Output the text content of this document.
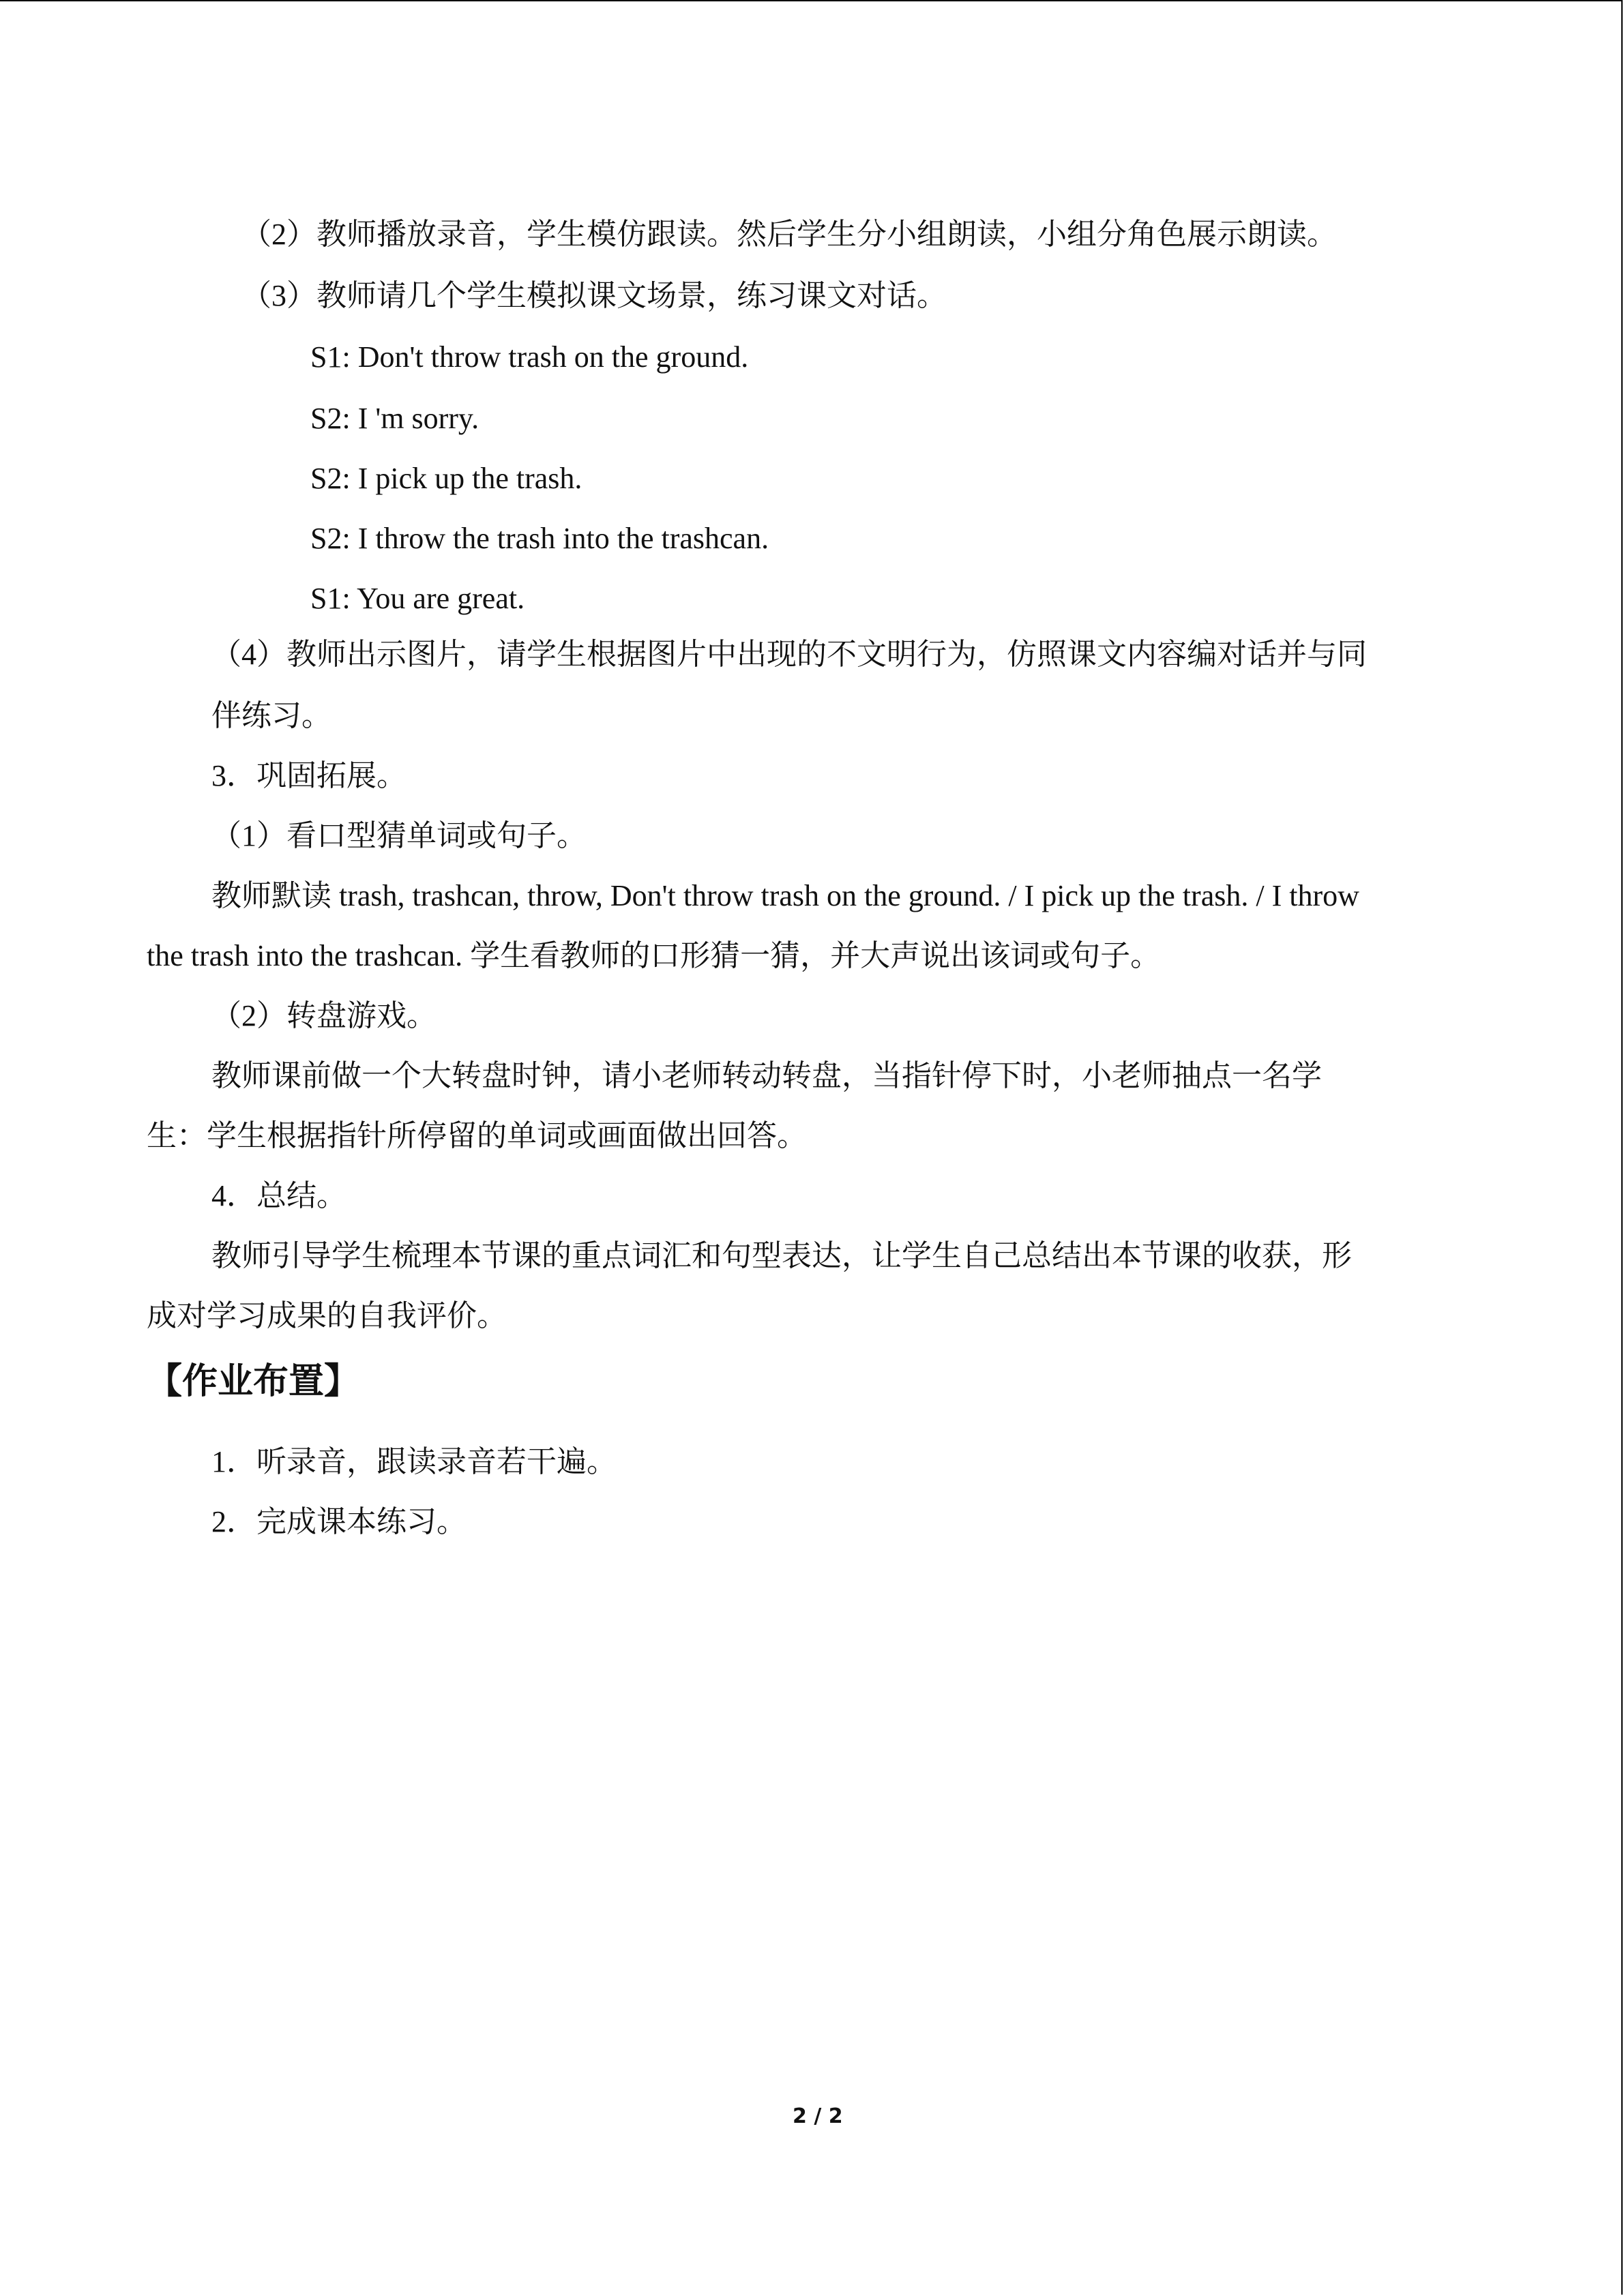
（2）教师播放录音，学生模仿跟读。然后学生分小组朗读，小组分角色展示朗读。
（3）教师请几个学生模拟课文场景，练习课文对话。
S1: Don't throw trash on the ground.
S2: I 'm sorry.
S2: I pick up the trash.
S2: I throw the trash into the trashcan.
S1: You are great.
（4）教师出示图片，请学生根据图片中出现的不文明行为，仿照课文内容编对话并与同
伴练习。
3．巩固拓展。
（1）看口型猜单词或句子。
教师默读 trash, trashcan, throw, Don't throw trash on the ground. / I pick up the trash. / I throw
the trash into the trashcan. 学生看教师的口形猜一猜，并大声说出该词或句子。
（2）转盘游戏。
教师课前做一个大转盘时钟，请小老师转动转盘，当指针停下时，小老师抽点一名学
生：学生根据指针所停留的单词或画面做出回答。
4．总结。
教师引导学生梳理本节课的重点词汇和句型表达，让学生自己总结出本节课的收获，形
成对学习成果的自我评价。
【作业布置】
1．听录音，跟读录音若干遍。
2．完成课本练习。
2 / 2
